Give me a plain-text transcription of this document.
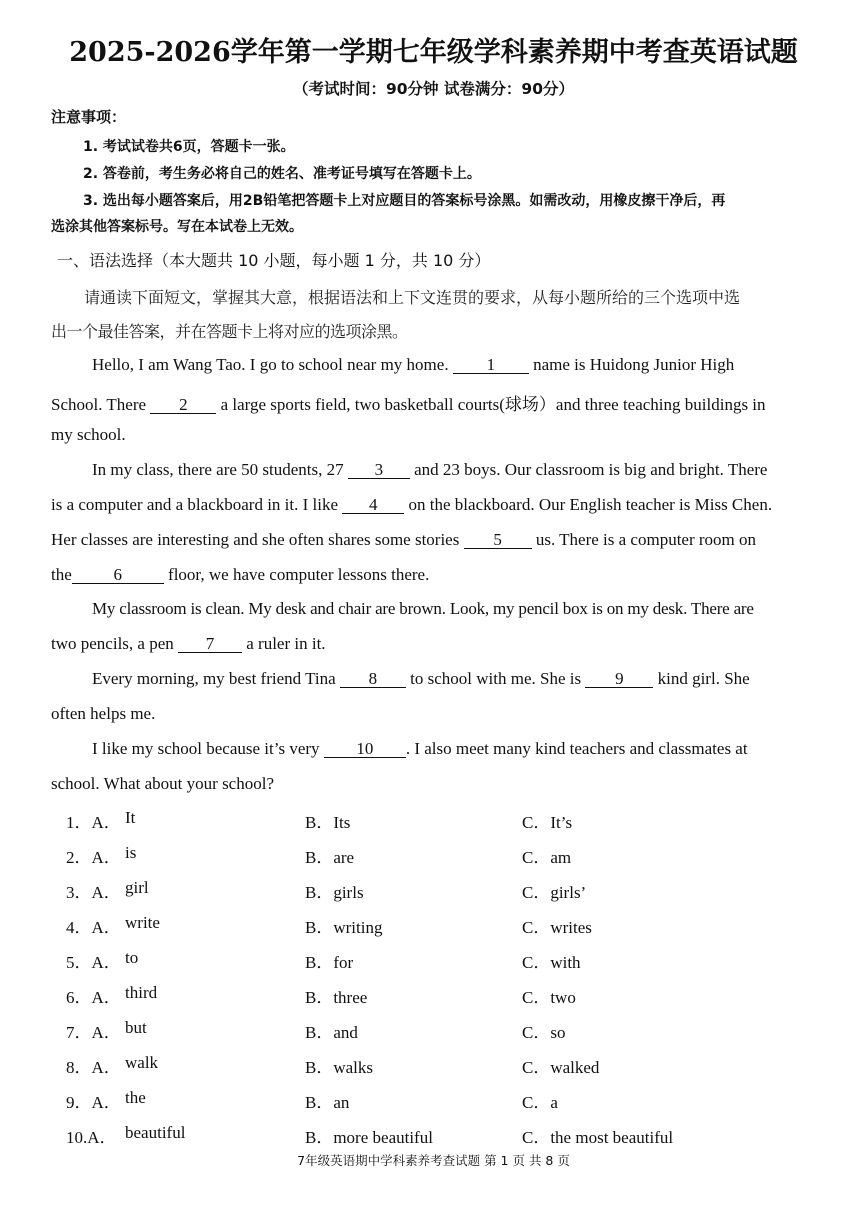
2025-2026学年第一学期七年级学科素养期中考查英语试题
（考试时间：90分钟 试卷满分：90分）
注意事项：
1. 考试试卷共6页，答题卡一张。
2. 答卷前，考生务必将自己的姓名、准考证号填写在答题卡上。
3. 选出每小题答案后，用2B铅笔把答题卡上对应题目的答案标号涂黑。如需改动，用橡皮擦干净后，再
选涂其他答案标号。写在本试卷上无效。
一、语法选择（本大题共 10 小题，每小题 1 分，共 10 分）
请通读下面短文，掌握其大意，根据语法和上下文连贯的要求，从每小题所给的三个选项中选
出一个最佳答案，并在答题卡上将对应的选项涂黑。
Hello, I am Wang Tao. I go to school near my home. 1 name is Huidong Junior High
School. There 2 a large sports field, two basketball courts(球场）and three teaching buildings in
my school.
In my class, there are 50 students, 27 3 and 23 boys. Our classroom is big and bright. There
is a computer and a blackboard in it. I like 4 on the blackboard. Our English teacher is Miss Chen.
Her classes are interesting and she often shares some stories 5 us. There is a computer room on
the 6	floor, we have computer lessons there.
My classroom is clean. My desk and chair are brown. Look, my pencil box is on my desk. There are
two pencils, a pen 7 a ruler in it.
Every morning, my best friend Tina 8 to school with me. She is 9 kind girl. She
often helps me.
I like my school because it’s very 10 . I also meet many kind teachers and classmates at
school. What about your school?
1．A． It	B．Its	C．It’s
2．A． is	B．are	C．am
3．A． girl	B．girls	C．girls’
4．A． write	B．writing	C．writes
5．A． to	B．for	C．with
6．A． third	B．three	C．two
7．A． but	B．and	C．so
8．A． walk	B．walks	C．walked
9．A． the	B．an	C．a
10.A． beautiful	B．more beautiful	C．the most beautiful
7年级英语期中学科素养考查试题 第 1 页 共 8 页
